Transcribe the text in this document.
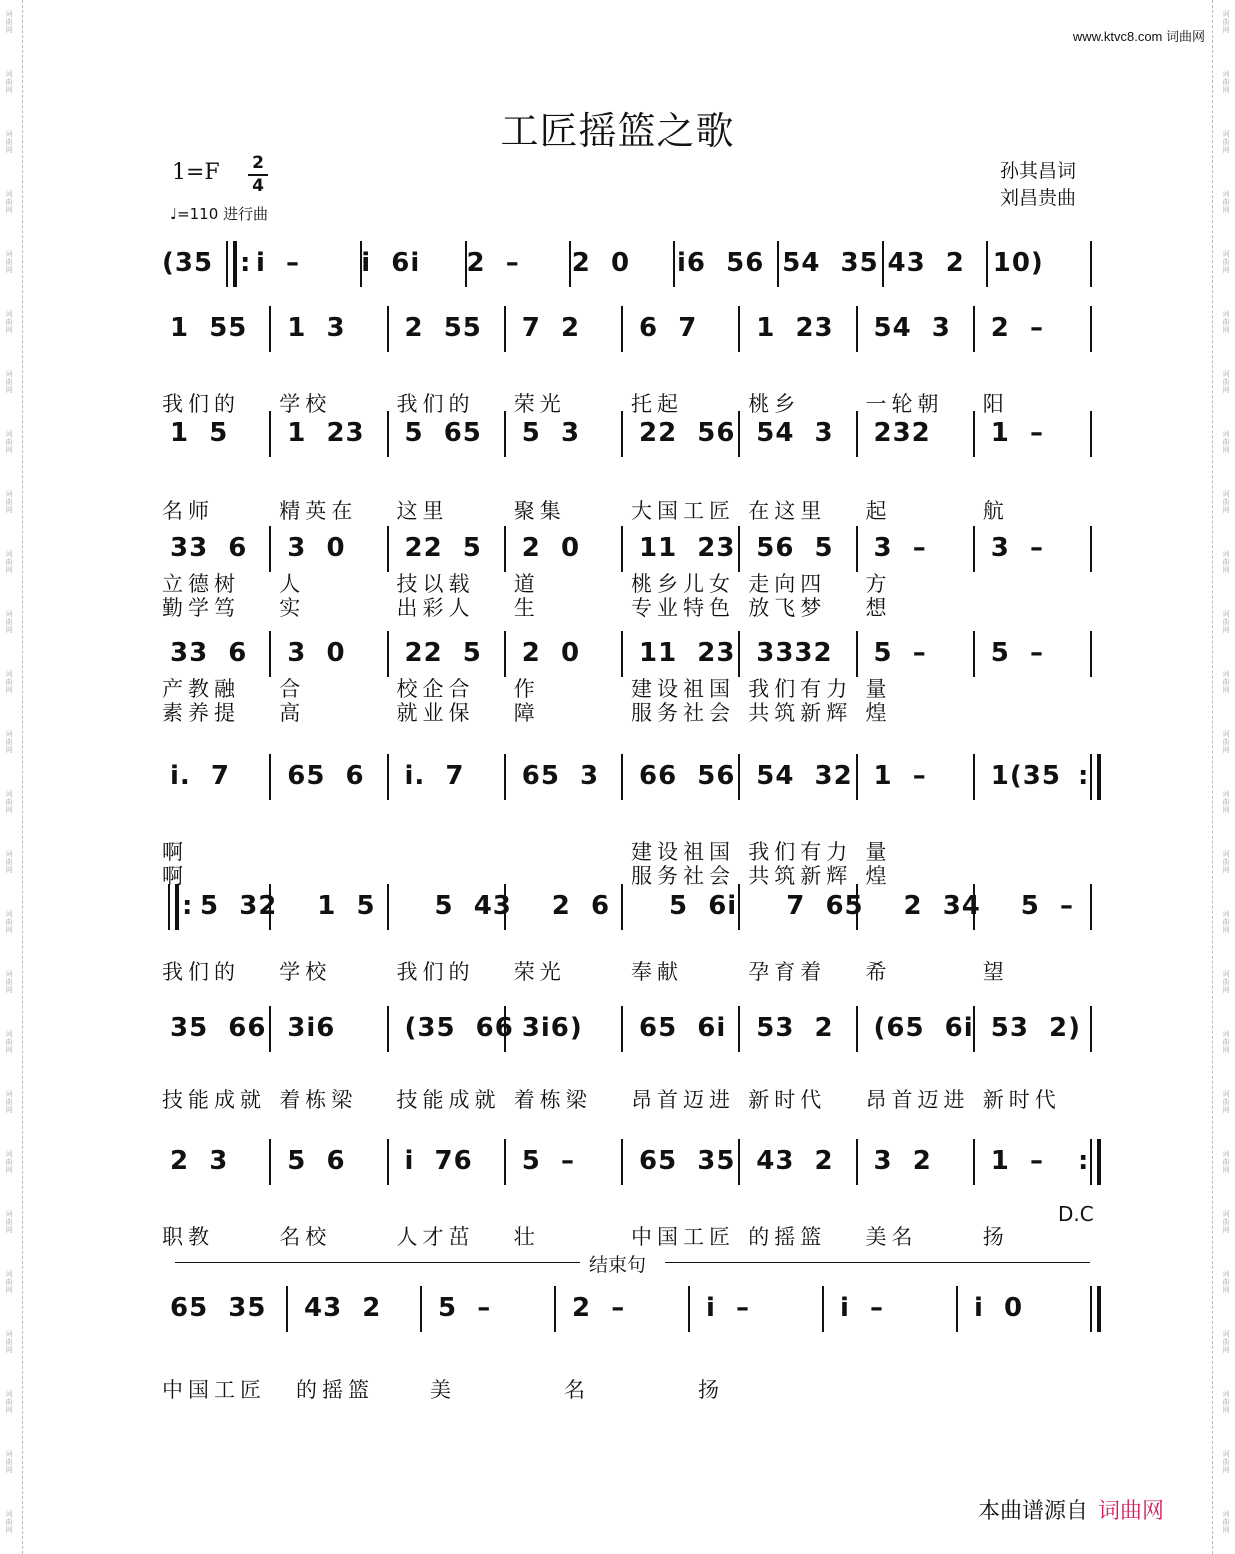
词
曲
网
词
曲
网
词
曲
网
词
曲
网
词
曲
网
词
曲
网
词
曲
网
词
曲
网
词
曲
网
词
曲
网
词
曲
网
词
曲
网
词
曲
网
词
曲
网
词
曲
网
词
曲
网
词
曲
网
词
曲
网
词
曲
网
词
曲
网
词
曲
网
词
曲
网
词
曲
网
词
曲
网
词
曲
网
词
曲
网
词
曲
网
词
曲
网
词
曲
网
词
曲
网
词
曲
网
词
曲
网
词
曲
网
词
曲
网
词
曲
网
词
曲
网
词
曲
网
词
曲
网
词
曲
网
词
曲
网
词
曲
网
词
曲
网
词
曲
网
词
曲
网
词
曲
网
词
曲
网
词
曲
网
词
曲
网
词
曲
网
词
曲
网
词
曲
网
词
曲
网
www.ktvc8.com 词曲网
工匠摇篮之歌
1=F 2
4
♩=110 进行曲
孙其昌词
刘昌贵曲
(35 : i  – i  6i 2  – 2  0 i6  56 54  35 43  2 10)
1  55 1  3 2  55 7  2 6  7 1  23 54  3 2  –
我们的 学校	我们的 荣光	托起	桃乡	一轮朝 阳
1  5 1  23 5  65 5  3 22  56 54  3 232 1  –
名师	精英在 这里	聚集	大国工匠 在这里 起	航
33  6 3  0 22  5 2  0 11  23 56  5 3  – 3  –
立德树 人	技以载 道	桃乡儿女 走向四 方
勤学笃 实	出彩人 生	专业特色 放飞梦 想
33  6 3  0 22  5 2  0 11  23 3332 5  – 5  –
产教融 合	校企合 作	建设祖国 我们有力 量
素养提 高	就业保 障	服务社会 共筑新辉 煌
i.  7 65  6 i.  7 65  3 66  56 54  32 1  – 1(35 :
啊	建设祖国 我们有力 量
啊	服务社会 共筑新辉 煌
: 5  32 1  5 5  43 2  6 5  6i 7  65 2  34 5  –
我们的 学校	我们的 荣光	奉献	孕育着 希	望
35  66 3i6	(35  66 3i6) 65  6i 53  2 (65  6i 53  2)
技能成就 着栋梁 技能成就 着栋梁 昂首迈进 新时代 昂首迈进 新时代
2  3 5  6 i  76 5  – 65  35 43  2 3  2 1  – :
职教	名校	人才茁 壮	中国工匠 的摇篮 美名	扬
65  35 43  2 5  –	2  –	i  –	i  –	i  0
中国工匠 的摇篮	美	名	扬
D.C
结束句
本曲谱源自 词曲网
